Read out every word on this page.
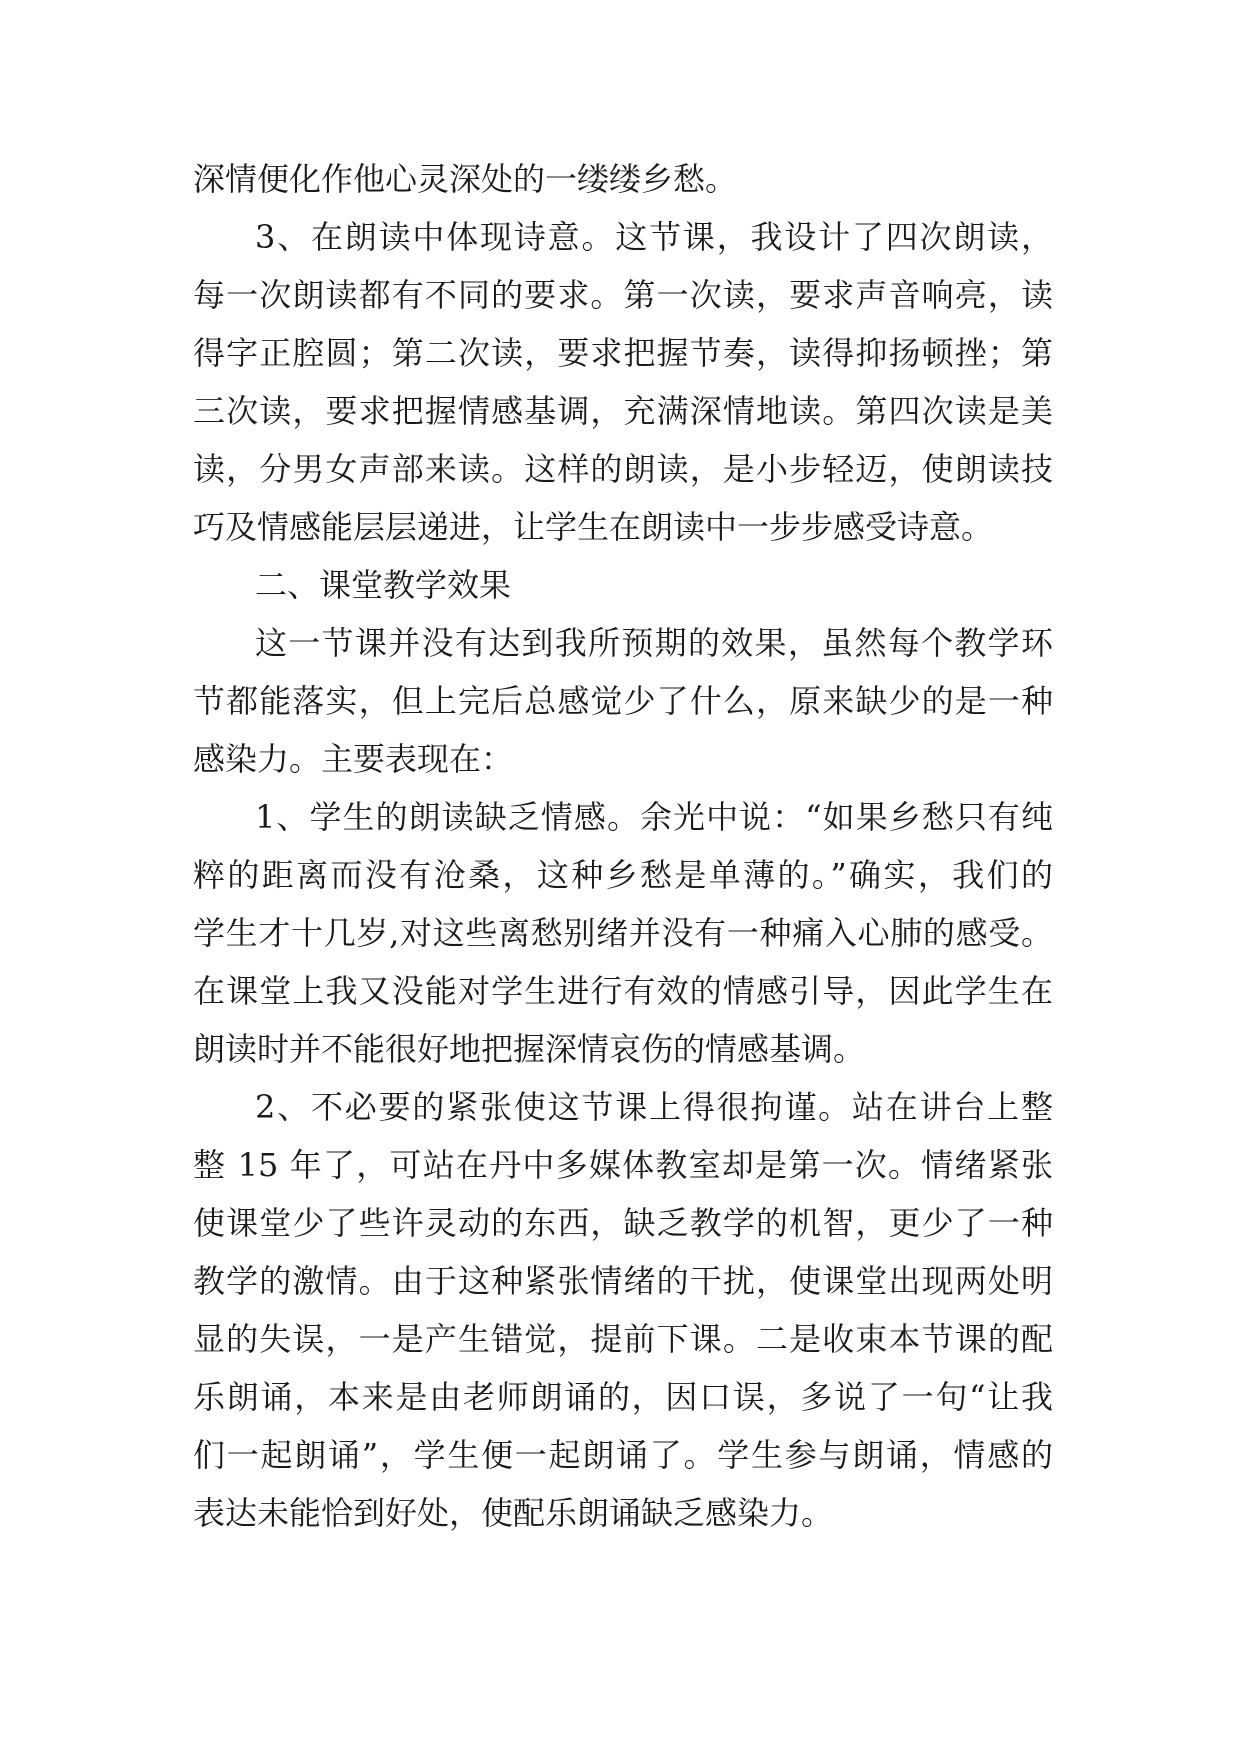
深情便化作他心灵深处的一缕缕乡愁。
3、在朗读中体现诗意。这节课，我设计了四次朗读，
每一次朗读都有不同的要求。第一次读，要求声音响亮，读
得字正腔圆；第二次读，要求把握节奏，读得抑扬顿挫；第
三次读，要求把握情感基调，充满深情地读。第四次读是美
读，分男女声部来读。这样的朗读，是小步轻迈，使朗读技
巧及情感能层层递进，让学生在朗读中一步步感受诗意。
二、课堂教学效果
这一节课并没有达到我所预期的效果，虽然每个教学环
节都能落实，但上完后总感觉少了什么，原来缺少的是一种
感染力。主要表现在：
1、学生的朗读缺乏情感。余光中说：“如果乡愁只有纯
粹的距离而没有沧桑，这种乡愁是单薄的。”确实，我们的
学生才十几岁,对这些离愁别绪并没有一种痛入心肺的感受。
在课堂上我又没能对学生进行有效的情感引导，因此学生在
朗读时并不能很好地把握深情哀伤的情感基调。
2、不必要的紧张使这节课上得很拘谨。站在讲台上整
整 15 年了，可站在丹中多媒体教室却是第一次。情绪紧张
使课堂少了些许灵动的东西，缺乏教学的机智，更少了一种
教学的激情。由于这种紧张情绪的干扰，使课堂出现两处明
显的失误，一是产生错觉，提前下课。二是收束本节课的配
乐朗诵，本来是由老师朗诵的，因口误，多说了一句“让我
们一起朗诵”，学生便一起朗诵了。学生参与朗诵，情感的
表达未能恰到好处，使配乐朗诵缺乏感染力。
